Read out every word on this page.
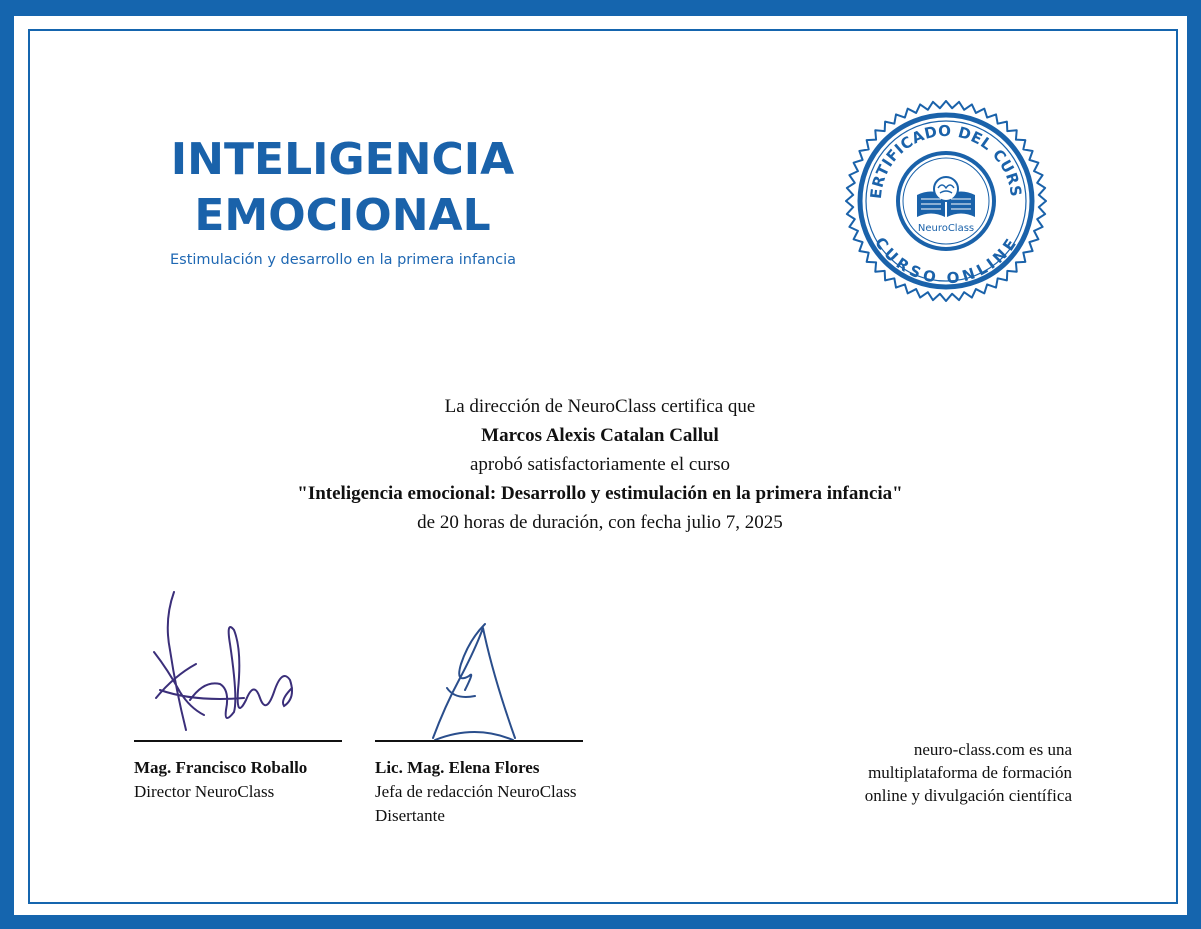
INTELIGENCIA
EMOCIONAL
Estimulación y desarrollo en la primera infancia
ERTIFICADO DEL CURS
CURSO ONLINE
NeuroClass
La dirección de NeuroClass certifica que
Marcos Alexis Catalan Callul
aprobó satisfactoriamente el curso
"Inteligencia emocional: Desarrollo y estimulación en la primera infancia"
de 20 horas de duración, con fecha julio 7, 2025
Mag. Francisco Roballo
Director NeuroClass
Lic. Mag. Elena Flores
Jefa de redacción NeuroClass
Disertante
neuro-class.com es una
multiplataforma de formación
online y divulgación científica
